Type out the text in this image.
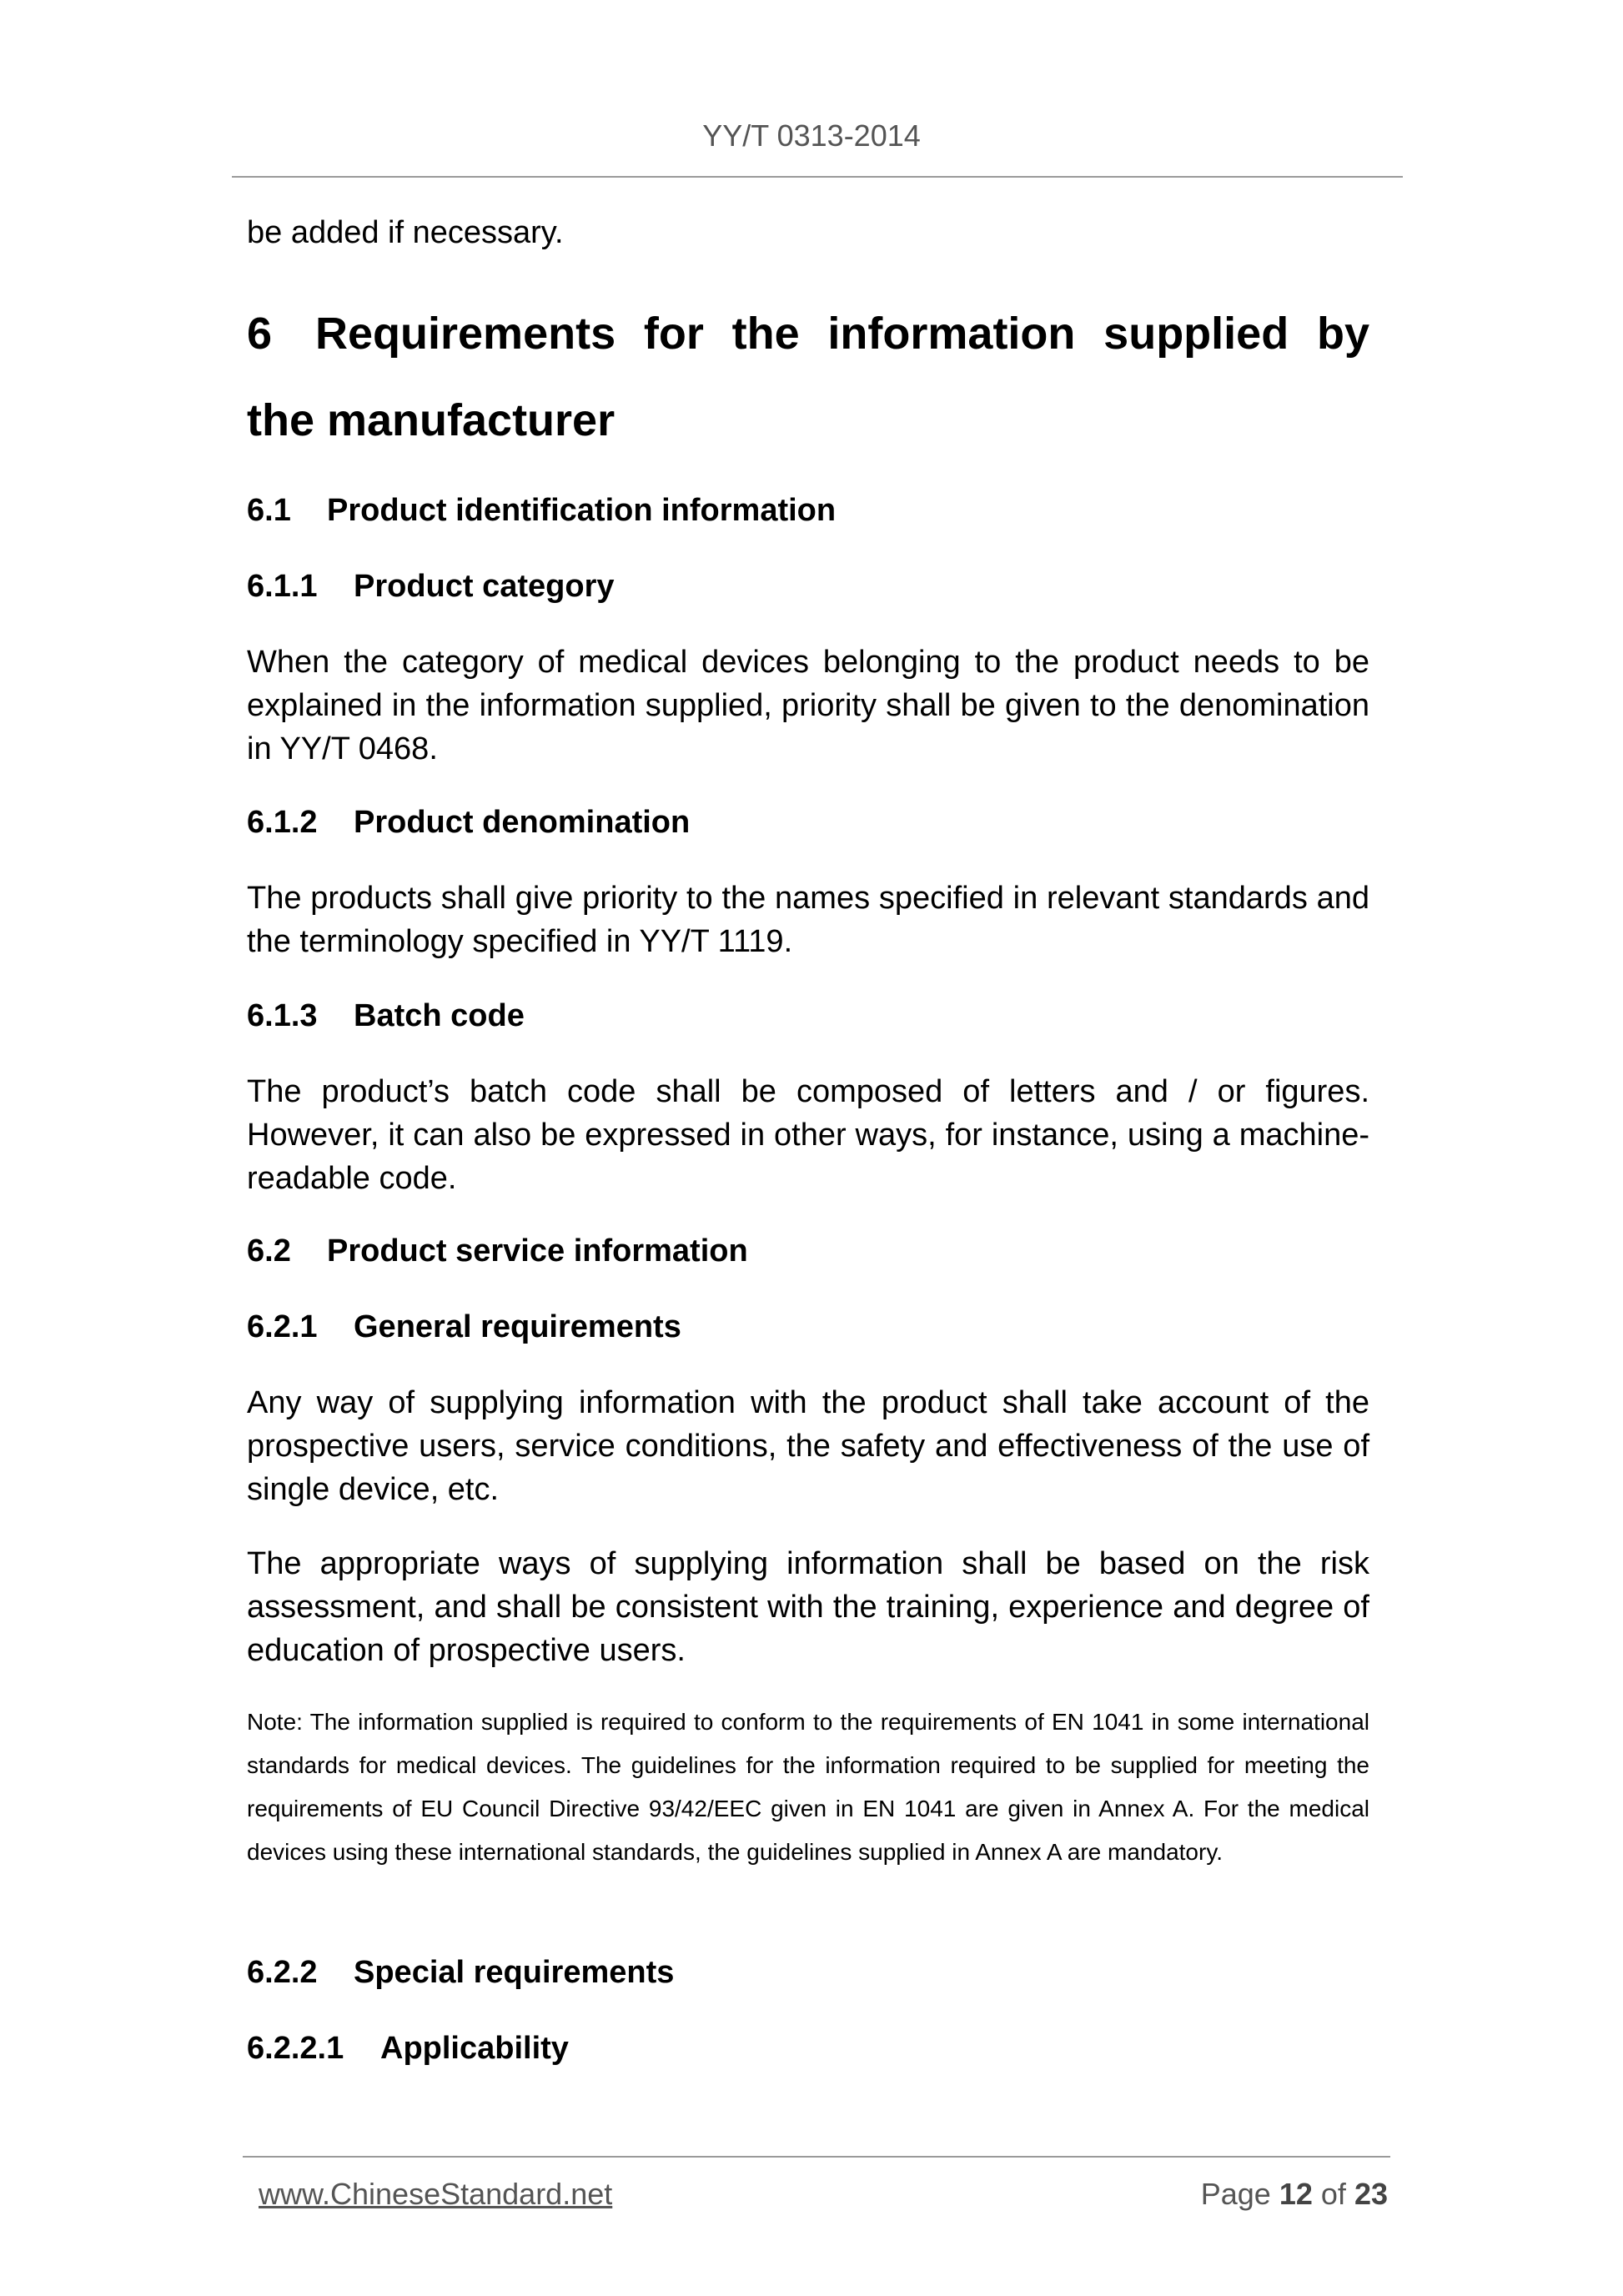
YY/T 0313-2014

be added if necessary.

6 Requirements for the information supplied by the manufacturer
6.1 Product identification information
6.1.1 Product category

When the category of medical devices belonging to the product needs to be explained in the information supplied, priority shall be given to the denomination in YY/T 0468.

6.1.2 Product denomination

The products shall give priority to the names specified in relevant standards and the terminology specified in YY/T 1119.

6.1.3 Batch code

The product’s batch code shall be composed of letters and / or figures. However, it can also be expressed in other ways, for instance, using a machine-readable code.

6.2 Product service information
6.2.1 General requirements

Any way of supplying information with the product shall take account of the prospective users, service conditions, the safety and effectiveness of the use of single device, etc.

The appropriate ways of supplying information shall be based on the risk assessment, and shall be consistent with the training, experience and degree of education of prospective users.

Note: The information supplied is required to conform to the requirements of EN 1041 in some international standards for medical devices. The guidelines for the information required to be supplied for meeting the requirements of EU Council Directive 93/42/EEC given in EN 1041 are given in Annex A. For the medical devices using these international standards, the guidelines supplied in Annex A are mandatory.

6.2.2 Special requirements
6.2.2.1 Applicability
www.ChineseStandard.net	Page 12 of 23
